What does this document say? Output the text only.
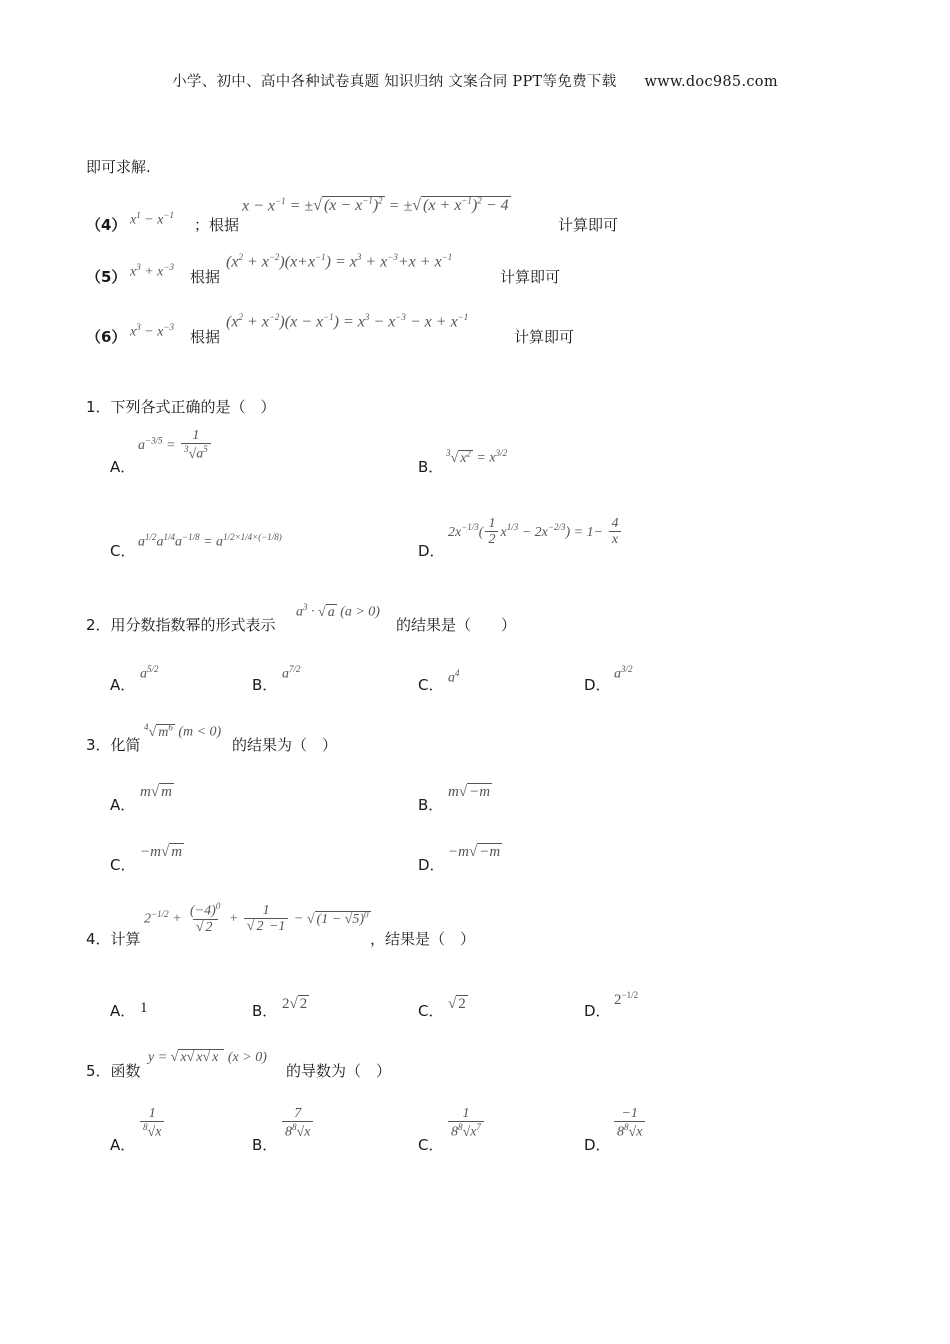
小学、初中、高中各种试卷真题 知识归纳 文案合同 PPT等免费下载 www.doc985.com
即可求解.
（4） $x^1 - x^{-1}$
；根据
$x - x^{-1}$ = ± √ $(x - x^{-1})^2$ = ± √ $(x + x^{-1})^2 - 4$
计算即可
（5） $x^3 + x^{-3}$
根据
$(x^2 + x^{-2})(x+x^{-1}) = x^3 + x^{-3}+x + x^{-1}$
计算即可
（6） $x^3 - x^{-3}$
根据
$(x^2 + x^{-2})(x - x^{-1}) = x^3 - x^{-3} - x + x^{-1}$
计算即可
1．下列各式正确的是（　）
A．
$a^{-3/5} = \frac{1}{^3 √ a^5}$
B．
$^3$ √ $x^2 = x^{3/2}$
C． $a^{1/2}a^{1/4}a^{-1/8} = a^{1/2\times 1/4\times(-1/8)}$
D．
$2x^{-1/3}( \frac{1}{2} x^{1/3} - 2x^{-2/3}) = 1- \frac{4}{x}$
2．用分数指数幂的形式表示
$a^3$ · √ a (a > 0)
的结果是（　　）
A．
$a^{5/2}$
B．
$a^{7/2}$
C． $a^4$
D．
$a^{3/2}$
3．化简
$^4$ √ $m^6$ (m < 0)
的结果为（　）
A．
m √ m
B．
m √ −m
C．
−m √ m
D．
−m √ −m
4．计算
$2^{-1/2} + (-4)^0$
√ 2 + 1
√ 2 −1 − √ (1 − √ 5)$^0$
，结果是（　）
A． 1	B． 2 √ 2	C． √ 2	D．
$2^{-1/2}$
5．函数
y = √ x √ x √ x (x > 0)
的导数为（　）
A．
$\frac{1}{^8 √ x}$
B．
$\frac{7}{8^8 √ x}$
C．
$\frac{1}{8^8 √ x^7}$
D．
$\frac{-1}{8^8 √ x}$
